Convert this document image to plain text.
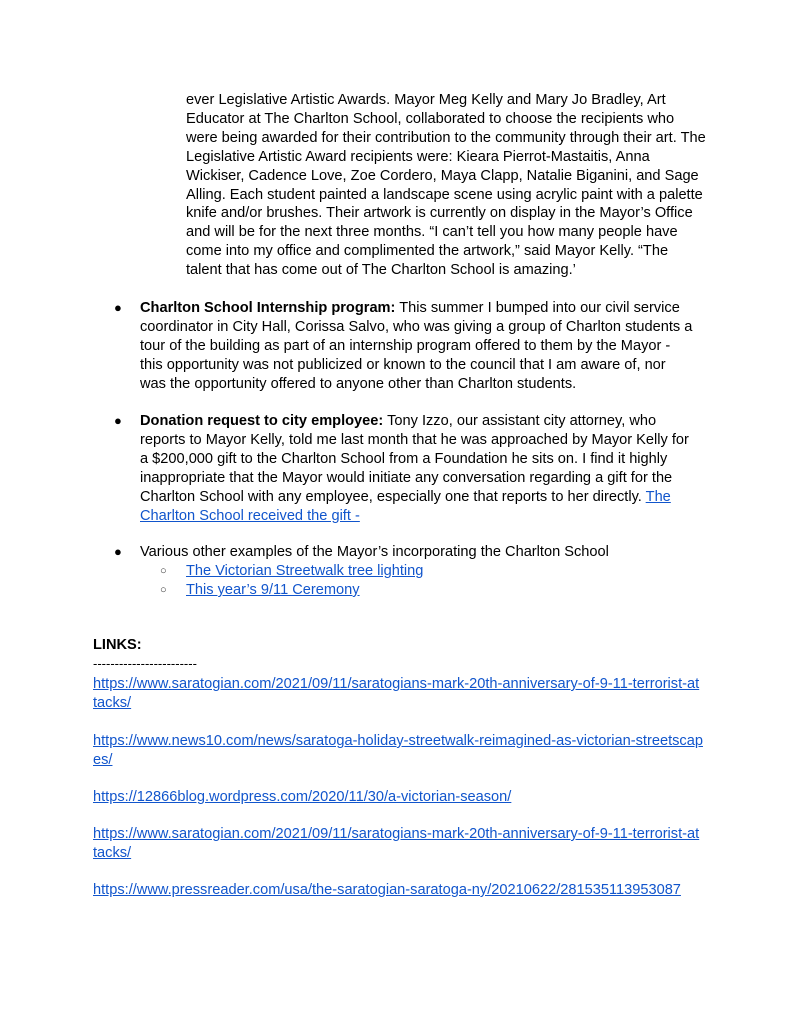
ever Legislative Artistic Awards. Mayor Meg Kelly and Mary Jo Bradley, Art Educator at The Charlton School, collaborated to choose the recipients who were being awarded for their contribution to the community through their art. The Legislative Artistic Award recipients were: Kieara Pierrot-Mastaitis, Anna Wickiser, Cadence Love, Zoe Cordero, Maya Clapp, Natalie Biganini, and Sage Alling. Each student painted a landscape scene using acrylic paint with a palette knife and/or brushes. Their artwork is currently on display in the Mayor’s Office and will be for the next three months. “I can’t tell you how many people have come into my office and complimented the artwork,” said Mayor Kelly. “The talent that has come out of The Charlton School is amazing.’
●	Charlton School Internship program: This summer I bumped into our civil service coordinator in City Hall, Corissa Salvo, who was giving a group of Charlton students a tour of the building as part of an internship program offered to them by the Mayor - this opportunity was not publicized or known to the council that I am aware of, nor was the opportunity offered to anyone other than Charlton students.
●	Donation request to city employee: Tony Izzo, our assistant city attorney, who reports to Mayor Kelly, told me last month that he was approached by Mayor Kelly for a $200,000 gift to the Charlton School from a Foundation he sits on. I find it highly inappropriate that the Mayor would initiate any conversation regarding a gift for the Charlton School with any employee, especially one that reports to her directly. The Charlton School received the gift -
●	Various other examples of the Mayor’s incorporating the Charlton School
○ The Victorian Streetwalk tree lighting
○ This year’s 9/11 Ceremony
LINKS:
------------------------
https://www.saratogian.com/2021/09/11/saratogians-mark-20th-anniversary-of-9-11-terrorist-attacks/
https://www.news10.com/news/saratoga-holiday-streetwalk-reimagined-as-victorian-streetscapes/
https://12866blog.wordpress.com/2020/11/30/a-victorian-season/
https://www.saratogian.com/2021/09/11/saratogians-mark-20th-anniversary-of-9-11-terrorist-attacks/
https://www.pressreader.com/usa/the-saratogian-saratoga-ny/20210622/281535113953087
